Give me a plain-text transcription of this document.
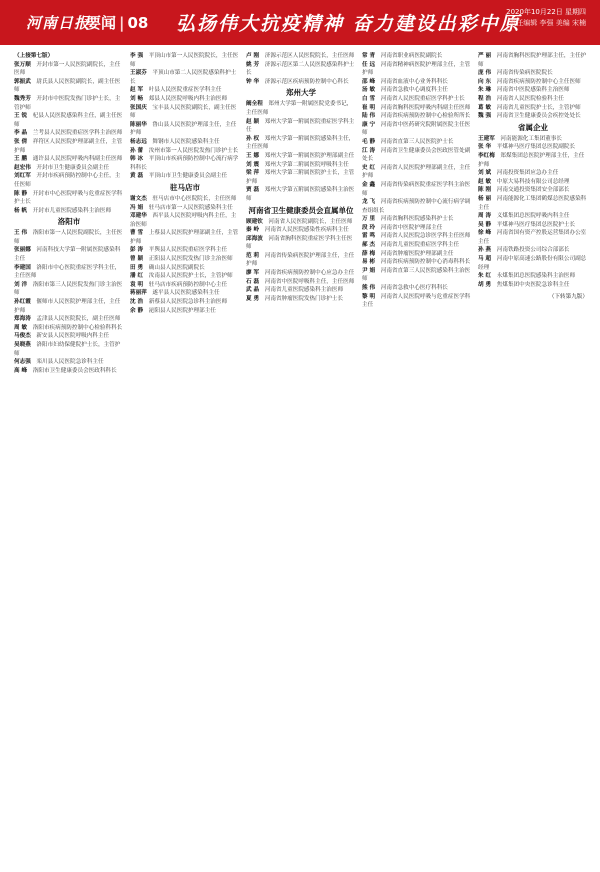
河南日报
要闻 | 08 弘扬伟大抗疫精神 奋力建设出彩中原
2020年10月22日 星期四
责任编辑 李强 美编 宋楠

（上接第七版）　

张万顺　 开封市第一人民医院副院长，主任医师

郭振武　 尉氏县人民医院副院长，副主任医师

魏秀芳　 开封市中医院发热门诊护士长，主管护师

王 锐　 杞县人民医院感染科主任，副主任医师

李 晶　 兰考县人民医院重症医学科主治医师

张 倩　 祥符区人民医院护理部副主任，主管护师

王 鹏　 通许县人民医院呼吸内科副主任医师

赵宏伟　 开封市卫生健康委员会副主任

刘红军　 开封市疾病预防控制中心主任，主任医师

陈 静　 开封市中心医院呼吸与危重症医学科护士长

杨 帆　 开封市儿童医院感染科主治医师

洛阳市

王 伟　 洛阳市第一人民医院副院长，主任医师

张丽娜　 河南科技大学第一附属医院感染科主任

李建国　 洛阳市中心医院重症医学科主任，主任医师

刘 洋　 洛阳市第三人民医院发热门诊主治医师

孙红霞　 偃师市人民医院护理部主任，主任护师

郑海涛　 孟津县人民医院院长，副主任医师

周 敏　 洛阳市疾病预防控制中心检验科科长

马俊杰　 新安县人民医院呼吸内科主任

吴晓燕　 洛阳市妇幼保健院护士长，主管护师

何志强　 栾川县人民医院急诊科主任

高 峰　 洛阳市卫生健康委员会医政科科长

李 强　 平顶山市第一人民医院院长，主任医师

王淑芬　 平顶山市第二人民医院感染科护士长

赵 军　 叶县人民医院重症医学科主任

刘 畅　 郏县人民医院呼吸内科主治医师

张国庆　 宝丰县人民医院副院长，副主任医师

陈丽华　 鲁山县人民医院护理部主任，主任护师

杨志远　 舞钢市人民医院感染科主任

孙 蕾　 汝州市第一人民医院发热门诊护士长

韩 冰　 平顶山市疾病预防控制中心流行病学科科长

黄 磊　 平顶山市卫生健康委员会副主任

驻马店市

谢文杰　 驻马店市中心医院院长，主任医师

冯 娟　 驻马店市第一人民医院感染科主任

邓建华　 西平县人民医院呼吸内科主任，主治医师

曹 雪　 上蔡县人民医院护理部副主任，主管护师

彭 涛　 平舆县人民医院重症医学科主任

曾 颖　 正阳县人民医院发热门诊主治医师

田 勇　 确山县人民医院副院长

潘 红　 汝南县人民医院护士长，主管护师

袁 明　 驻马店市疾病预防控制中心主任

蒋丽萍　 遂平县人民医院感染科主任

沈 浩　 新蔡县人民医院急诊科主治医师

余 静　 泌阳县人民医院护理部主任

卢 刚　 济源示范区人民医院院长，主任医师

姚 芳　 济源示范区第二人民医院感染科护士长

钟 华　 济源示范区疾病预防控制中心科长

郑州大学

阚全程　 郑州大学第一附属医院党委书记，主任医师

赵 颖　 郑州大学第一附属医院重症医学科主任

孙 权　 郑州大学第一附属医院感染科主任，主任医师

王 娜　 郑州大学第一附属医院护理部副主任

刘 震　 郑州大学第二附属医院呼吸科主任

梁 萍　 郑州大学第三附属医院护士长，主管护师

贾 磊　 郑州大学第五附属医院感染科主治医师

河南省卫生健康委员会直属单位

顾建钦　 河南省人民医院副院长，主任医师

秦 岭　 河南省人民医院感染性疾病科主任

邱海波　 河南省胸科医院重症医学科主任医师

范 莉　 河南省传染病医院护理部主任，主任护师

廖 军　 河南省疾病预防控制中心应急办主任

石 磊　 河南省中医院呼吸科主任，主任医师

武 晶　 河南省儿童医院感染科主治医师

夏 勇　 河南省肿瘤医院发热门诊护士长

常 青　 河南省职业病医院副院长

任 远　 河南省精神病医院护理部主任，主管护师

邵 峰　 河南省血液中心业务科科长

汤 敏　 河南省急救中心调度科主任

白 雪　 河南省人民医院重症医学科护士长

崔 明　 河南省胸科医院呼吸内科副主任医师

陆 伟　 河南省疾病预防控制中心检验所所长

康 宁　 河南省中医药研究院附属医院主任医师

毛 静　 河南省直第三人民医院护士长

江 涛　 河南省卫生健康委员会医政医管处副处长

史 红　 河南省人民医院护理部副主任，主任护师

金 鑫　 河南省传染病医院重症医学科主治医师

龙 飞　 河南省疾病预防控制中心流行病学调查组组长

万 里　 河南省胸科医院感染科护士长

段 玲　 河南省中医院护理部主任

雷 鸣　 河南省人民医院急诊医学科主任医师

郝 杰　 河南省儿童医院重症医学科主任

薛 梅　 河南省肿瘤医院护理部副主任

易 彬　 河南省疾病预防控制中心消毒科科长

尹 娟　 河南省直第三人民医院感染科主治医师

熊 伟　 河南省急救中心医疗科科长

黎 明　 河南省人民医院呼吸与危重症医学科主任

严 丽　 河南省胸科医院护理部主任，主任护师

庞 伟　 河南省传染病医院院长

向 东　 河南省疾病预防控制中心主任医师

朱 琳　 河南省中医院感染科主治医师

程 浩　 河南省人民医院检验科主任

葛 敏　 河南省儿童医院护士长，主管护师

魏 强　 河南省卫生健康委员会疾控处处长

省属企业

王建军　 河南能源化工集团董事长

张 华　 平煤神马医疗集团总医院副院长

李红梅　 郑煤集团总医院护理部主任，主任护师

刘 斌　 河南投资集团应急办主任

赵 敏　 中原大易科技有限公司总经理

陈 刚　 河南交通投资集团安全部部长

杨 丽　 河南能源化工集团鹤煤总医院感染科主任

周 涛　 义煤集团总医院呼吸内科主任

吴 静　 平煤神马医疗集团总医院护士长

徐 峰　 河南省国有资产控股运营集团办公室主任

孙 燕　 河南铁路投资公司综合部部长

马 超　 河南中原高速公路股份有限公司副总经理

朱 红　 永煤集团总医院感染科主治医师

胡 勇　 焦煤集团中央医院急诊科主任

（下转第九版）
